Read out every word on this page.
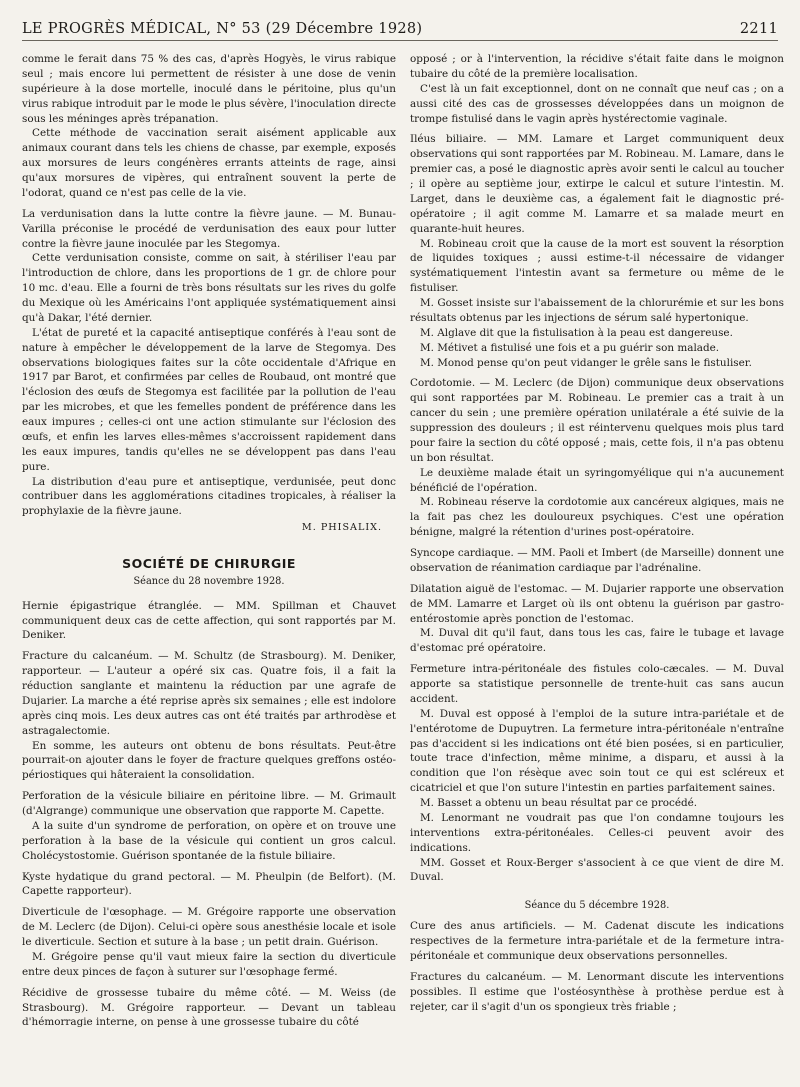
LE PROGRÈS MÉDICAL, N° 53 (29 Décembre 1928)	2211

comme le ferait dans 75 % des cas, d'après Hogyès, le virus rabique seul ; mais encore lui permettent de résister à une dose de venin supérieure à la dose mortelle, inoculé dans le péritoine, plus qu'un virus rabique introduit par le mode le plus sévère, l'inoculation directe sous les méninges après trépanation.

Cette méthode de vaccination serait aisément applicable aux animaux courant dans tels les chiens de chasse, par exemple, exposés aux morsures de leurs congénères errants atteints de rage, ainsi qu'aux morsures de vipères, qui entraînent souvent la perte de l'odorat, quand ce n'est pas celle de la vie.

La verdunisation dans la lutte contre la fièvre jaune. — M. Bunau-Varilla préconise le procédé de verdunisation des eaux pour lutter contre la fièvre jaune inoculée par les Stegomya.

Cette verdunisation consiste, comme on sait, à stériliser l'eau par l'introduction de chlore, dans les proportions de 1 gr. de chlore pour 10 mc. d'eau. Elle a fourni de très bons résultats sur les rives du golfe du Mexique où les Américains l'ont appliquée systématiquement ainsi qu'à Dakar, l'été dernier.

L'état de pureté et la capacité antiseptique conférés à l'eau sont de nature à empêcher le développement de la larve de Stegomya. Des observations biologiques faites sur la côte occidentale d'Afrique en 1917 par Barot, et confirmées par celles de Roubaud, ont montré que l'éclosion des œufs de Stegomya est facilitée par la pollution de l'eau par les microbes, et que les femelles pondent de préférence dans les eaux impures ; celles-ci ont une action stimulante sur l'éclosion des œufs, et enfin les larves elles-mêmes s'accroissent rapidement dans les eaux impures, tandis qu'elles ne se développent pas dans l'eau pure.

La distribution d'eau pure et antiseptique, verdunisée, peut donc contribuer dans les agglomérations citadines tropicales, à réaliser la prophylaxie de la fièvre jaune.

M. PHISALIX.
SOCIÉTÉ DE CHIRURGIE
Séance du 28 novembre 1928.

Hernie épigastrique étranglée. — MM. Spillman et Chauvet communiquent deux cas de cette affection, qui sont rapportés par M. Deniker.

Fracture du calcanéum. — M. Schultz (de Strasbourg). M. Deniker, rapporteur. — L'auteur a opéré six cas. Quatre fois, il a fait la réduction sanglante et maintenu la réduction par une agrafe de Dujarier. La marche a été reprise après six semaines ; elle est indolore après cinq mois. Les deux autres cas ont été traités par arthrodèse et astragalectomie.

En somme, les auteurs ont obtenu de bons résultats. Peut-être pourrait-on ajouter dans le foyer de fracture quelques greffons ostéo-périostiques qui hâteraient la consolidation.

Perforation de la vésicule biliaire en péritoine libre. — M. Grimault (d'Algrange) communique une observation que rapporte M. Capette.

A la suite d'un syndrome de perforation, on opère et on trouve une perforation à la base de la vésicule qui contient un gros calcul. Cholécystostomie. Guérison spontanée de la fistule biliaire.

Kyste hydatique du grand pectoral. — M. Pheulpin (de Belfort). (M. Capette rapporteur).

Diverticule de l'œsophage. — M. Grégoire rapporte une observation de M. Leclerc (de Dijon). Celui-ci opère sous anesthésie locale et isole le diverticule. Section et suture à la base ; un petit drain. Guérison.

M. Grégoire pense qu'il vaut mieux faire la section du diverticule entre deux pinces de façon à suturer sur l'œsophage fermé.

Récidive de grossesse tubaire du même côté. — M. Weiss (de Strasbourg). M. Grégoire rapporteur. — Devant un tableau d'hémorragie interne, on pense à une grossesse tubaire du côté

opposé ; or à l'intervention, la récidive s'était faite dans le moignon tubaire du côté de la première localisation.

C'est là un fait exceptionnel, dont on ne connaît que neuf cas ; on a aussi cité des cas de grossesses développées dans un moignon de trompe fistulisé dans le vagin après hystérectomie vaginale.

Iléus biliaire. — MM. Lamare et Larget communiquent deux observations qui sont rapportées par M. Robineau. M. Lamare, dans le premier cas, a posé le diagnostic après avoir senti le calcul au toucher ; il opère au septième jour, extirpe le calcul et suture l'intestin. M. Larget, dans le deuxième cas, a également fait le diagnostic pré-opératoire ; il agit comme M. Lamarre et sa malade meurt en quarante-huit heures.

M. Robineau croit que la cause de la mort est souvent la résorption de liquides toxiques ; aussi estime-t-il nécessaire de vidanger systématiquement l'intestin avant sa fermeture ou même de le fistuliser.

M. Gosset insiste sur l'abaissement de la chlorurémie et sur les bons résultats obtenus par les injections de sérum salé hypertonique.

M. Alglave dit que la fistulisation à la peau est dangereuse.

M. Métivet a fistulisé une fois et a pu guérir son malade.

M. Monod pense qu'on peut vidanger le grêle sans le fistuliser.

Cordotomie. — M. Leclerc (de Dijon) communique deux observations qui sont rapportées par M. Robineau. Le premier cas a trait à un cancer du sein ; une première opération unilatérale a été suivie de la suppression des douleurs ; il est réintervenu quelques mois plus tard pour faire la section du côté opposé ; mais, cette fois, il n'a pas obtenu un bon résultat.

Le deuxième malade était un syringomyélique qui n'a aucunement bénéficié de l'opération.

M. Robineau réserve la cordotomie aux cancéreux algiques, mais ne la fait pas chez les douloureux psychiques. C'est une opération bénigne, malgré la rétention d'urines post-opératoire.

Syncope cardiaque. — MM. Paoli et Imbert (de Marseille) donnent une observation de réanimation cardiaque par l'adrénaline.

Dilatation aiguë de l'estomac. — M. Dujarier rapporte une observation de MM. Lamarre et Larget où ils ont obtenu la guérison par gastro-entérostomie après ponction de l'estomac.

M. Duval dit qu'il faut, dans tous les cas, faire le tubage et lavage d'estomac pré opératoire.

Fermeture intra-péritonéale des fistules colo-cæcales. — M. Duval apporte sa statistique personnelle de trente-huit cas sans aucun accident.

M. Duval est opposé à l'emploi de la suture intra-pariétale et de l'entérotome de Dupuytren. La fermeture intra-péritonéale n'entraîne pas d'accident si les indications ont été bien posées, si en particulier, toute trace d'infection, même minime, a disparu, et aussi à la condition que l'on résèque avec soin tout ce qui est scléreux et cicatriciel et que l'on suture l'intestin en parties parfaitement saines.

M. Basset a obtenu un beau résultat par ce procédé.

M. Lenormant ne voudrait pas que l'on condamne toujours les interventions extra-péritonéales. Celles-ci peuvent avoir des indications.

MM. Gosset et Roux-Berger s'associent à ce que vient de dire M. Duval.

Séance du 5 décembre 1928.

Cure des anus artificiels. — M. Cadenat discute les indications respectives de la fermeture intra-pariétale et de la fermeture intra-péritonéale et communique deux observations personnelles.

Fractures du calcanéum. — M. Lenormant discute les interventions possibles. Il estime que l'ostéosynthèse à prothèse perdue est à rejeter, car il s'agit d'un os spongieux très friable ;
